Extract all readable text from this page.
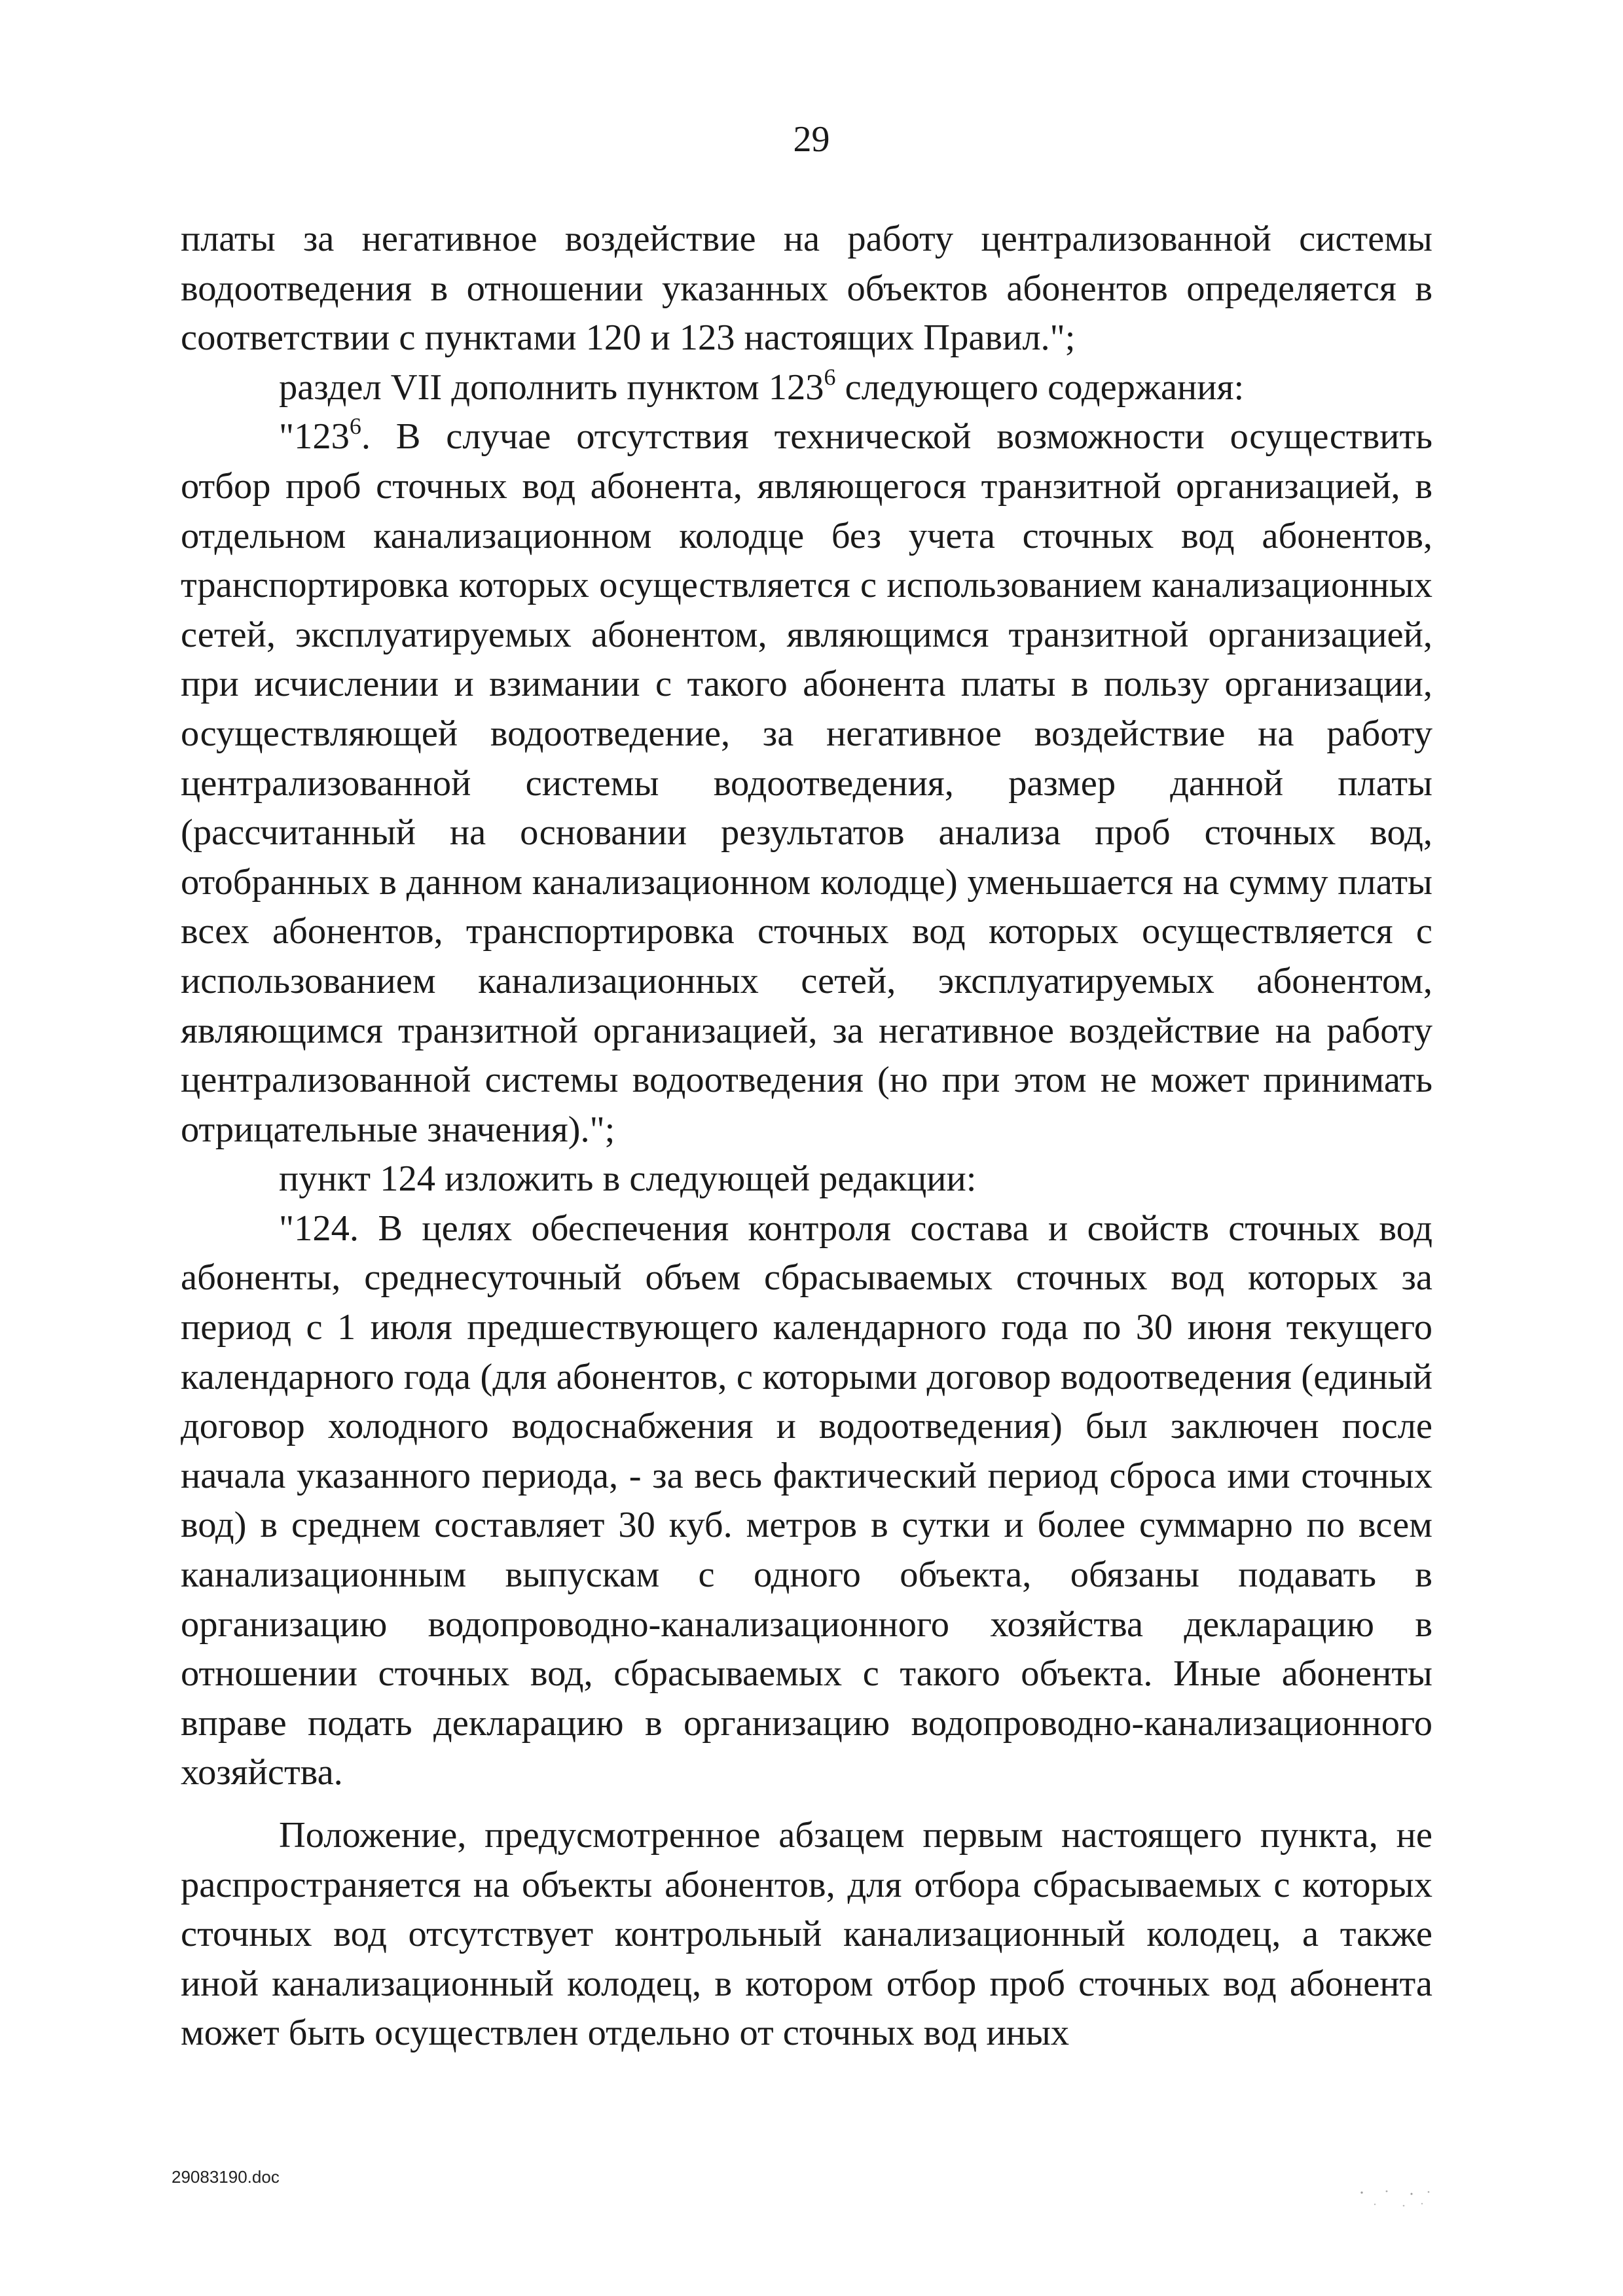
29

платы за негативное воздействие на работу централизованной системы водоотведения в отношении указанных объектов абонентов определяется в соответствии с пунктами 120 и 123 настоящих Правил.";

раздел VII дополнить пунктом $123^6$ следующего содержания:

"$123^6$. В случае отсутствия технической возможности осуществить отбор проб сточных вод абонента, являющегося транзитной организацией, в отдельном канализационном колодце без учета сточных вод абонентов, транспортировка которых осуществляется с использованием канализационных сетей, эксплуатируемых абонентом, являющимся транзитной организацией, при исчислении и взимании с такого абонента платы в пользу организации, осуществляющей водоотведение, за негативное воздействие на работу централизованной системы водоотведения, размер данной платы (рассчитанный на основании результатов анализа проб сточных вод, отобранных в данном канализационном колодце) уменьшается на сумму платы всех абонентов, транспортировка сточных вод которых осуществляется с использованием канализационных сетей, эксплуатируемых абонентом, являющимся транзитной организацией, за негативное воздействие на работу централизованной системы водоотведения (но при этом не может принимать отрицательные значения).";

пункт 124 изложить в следующей редакции:

"124. В целях обеспечения контроля состава и свойств сточных вод абоненты, среднесуточный объем сбрасываемых сточных вод которых за период с 1 июля предшествующего календарного года по 30 июня текущего календарного года (для абонентов, с которыми договор водоотведения (единый договор холодного водоснабжения и водоотведения) был заключен после начала указанного периода, - за весь фактический период сброса ими сточных вод) в среднем составляет 30 куб. метров в сутки и более суммарно по всем канализационным выпускам с одного объекта, обязаны подавать в организацию водопроводно-канализационного хозяйства декларацию в отношении сточных вод, сбрасываемых с такого объекта. Иные абоненты вправе подать декларацию в организацию водопроводно-канализационного хозяйства.

Положение, предусмотренное абзацем первым настоящего пункта, не распространяется на объекты абонентов, для отбора сбрасываемых с которых сточных вод отсутствует контрольный канализационный колодец, а также иной канализационный колодец, в котором отбор проб сточных вод абонента может быть осуществлен отдельно от сточных вод иных

29083190.doc
